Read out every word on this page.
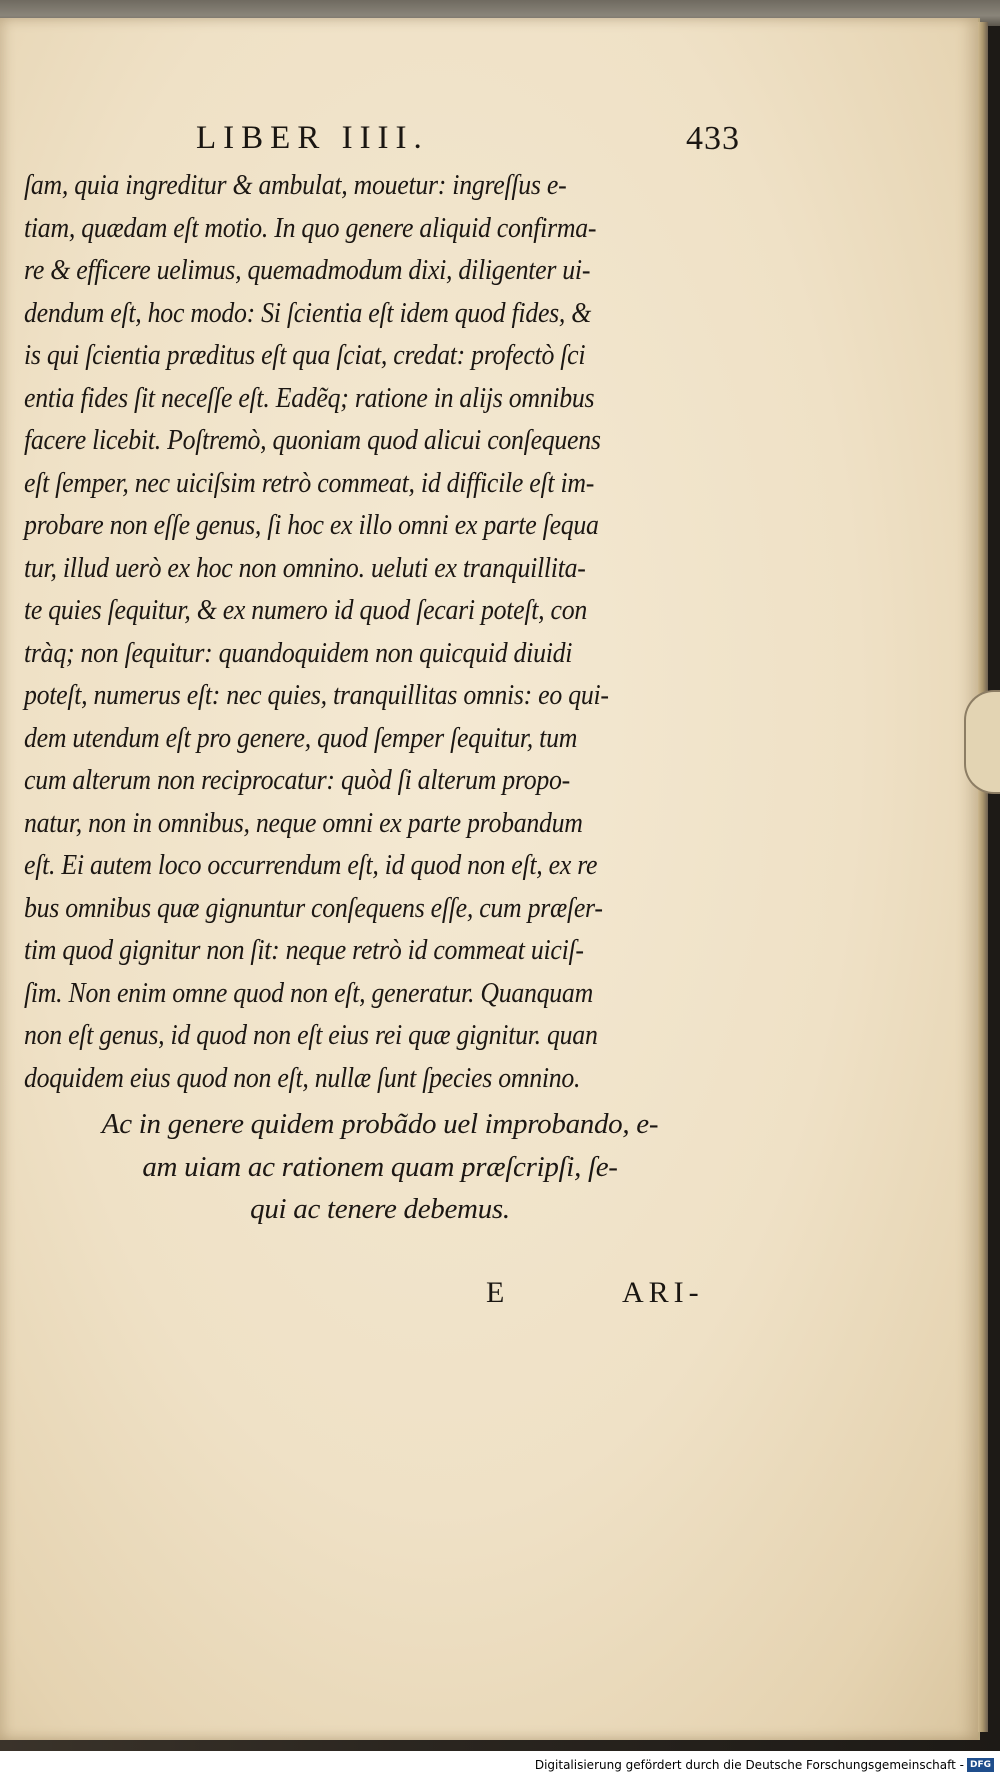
LIBER IIII.	433
ſam, quia ingreditur & ambulat, mouetur: ingreſſus e-
tiam, quædam eſt motio. In quo genere aliquid confirma-
re & efficere uelimus, quemadmodum dixi, diligenter ui-
dendum eſt, hoc modo: Si ſcientia eſt idem quod fides, &
is qui ſcientia præditus eſt qua ſciat, credat: profectò ſci
entia fides ſit neceſſe eſt. Eadẽq; ratione in alijs omnibus
facere licebit. Poſtremò, quoniam quod alicui conſequens
eſt ſemper, nec uiciſsim retrò commeat, id difficile eſt im-
probare non eſſe genus, ſi hoc ex illo omni ex parte ſequa
tur, illud uerò ex hoc non omnino. ueluti ex tranquillita-
te quies ſequitur, & ex numero id quod ſecari poteſt, con
tràq; non ſequitur: quandoquidem non quicquid diuidi
poteſt, numerus eſt: nec quies, tranquillitas omnis: eo qui-
dem utendum eſt pro genere, quod ſemper ſequitur, tum
cum alterum non reciprocatur: quòd ſi alterum propo-
natur, non in omnibus, neque omni ex parte probandum
eſt. Ei autem loco occurrendum eſt, id quod non eſt, ex re
bus omnibus quæ gignuntur conſequens eſſe, cum præſer-
tim quod gignitur non ſit: neque retrò id commeat uiciſ-
ſim. Non enim omne quod non eſt, generatur. Quanquam
non eſt genus, id quod non eſt eius rei quæ gignitur. quan
doquidem eius quod non eſt, nullæ ſunt ſpecies omnino.
Ac in genere quidem probãdo uel improbando, e-
am uiam ac rationem quam præſcripſi, ſe-
qui ac tenere debemus.
E	ARI-
Digitalisierung gefördert durch die Deutsche Forschungsgemeinschaft - DFG
